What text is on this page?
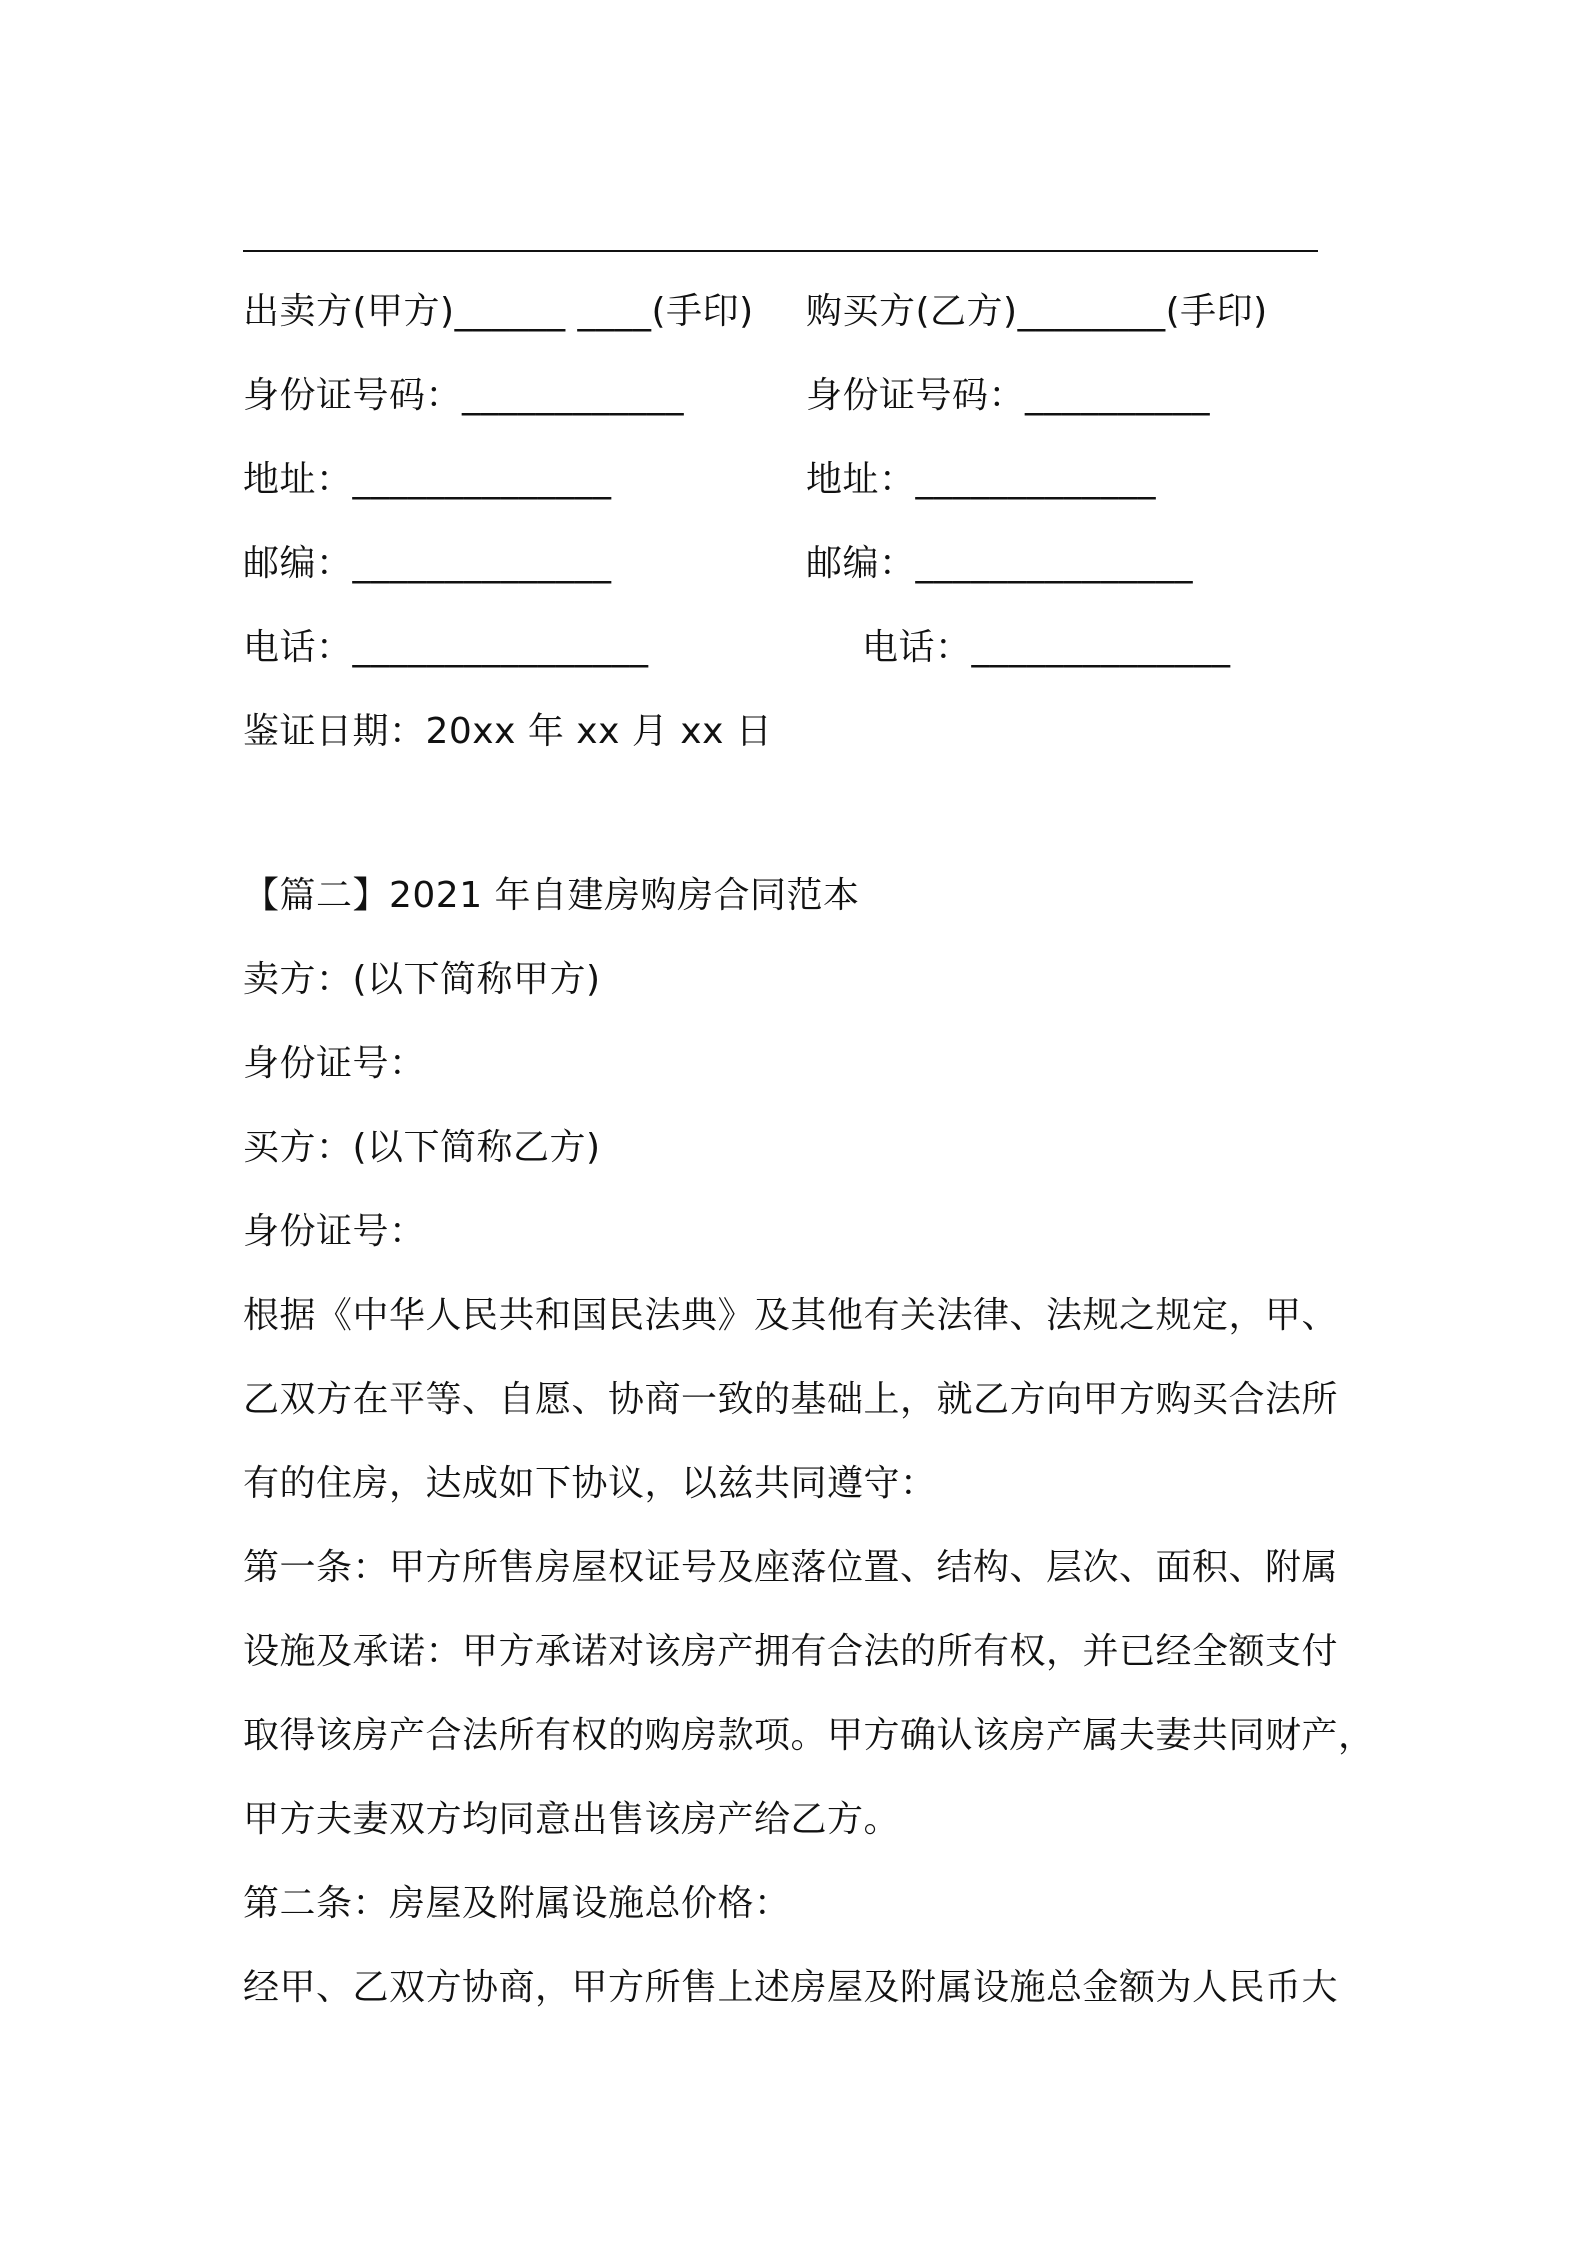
出卖方(甲方)______ ____(手印) 购买方(乙方)________(手印)
身份证号码：____________	身份证号码：__________
地址：______________	地址：_____________
邮编：______________	邮编：_______________
电话：________________	电话：______________
鉴证日期：20xx 年 xx 月 xx 日
【篇二】2021 年自建房购房合同范本
卖方：(以下简称甲方)
身份证号：
买方：(以下简称乙方)
身份证号：
根据《中华人民共和国民法典》及其他有关法律、法规之规定，甲、
乙双方在平等、自愿、协商一致的基础上，就乙方向甲方购买合法所
有的住房，达成如下协议，以兹共同遵守：
第一条：甲方所售房屋权证号及座落位置、结构、层次、面积、附属
设施及承诺：甲方承诺对该房产拥有合法的所有权，并已经全额支付
取得该房产合法所有权的购房款项。甲方确认该房产属夫妻共同财产，
甲方夫妻双方均同意出售该房产给乙方。
第二条：房屋及附属设施总价格：
经甲、乙双方协商，甲方所售上述房屋及附属设施总金额为人民币大
